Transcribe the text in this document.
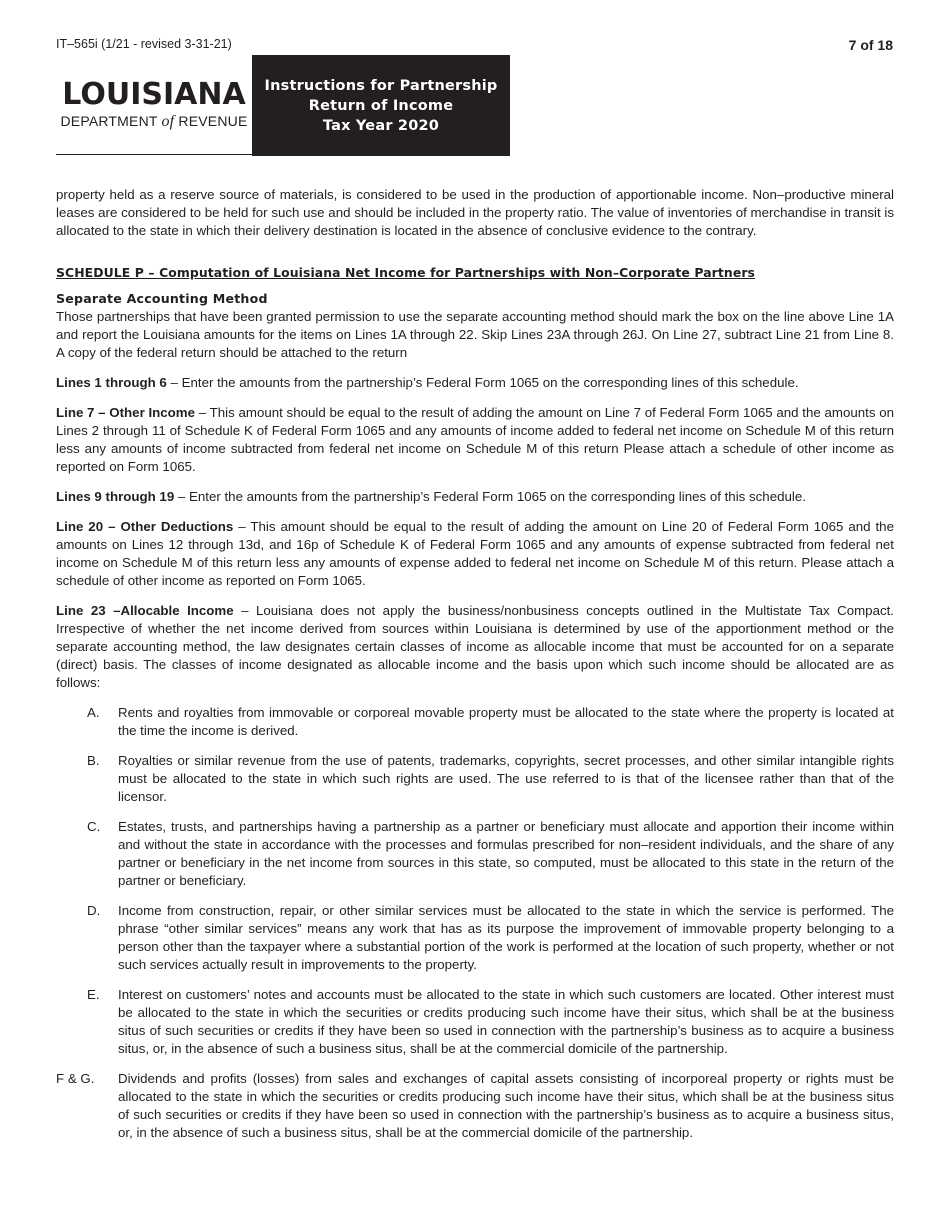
IT–565i (1/21 - revised 3-31-21)	7 of 18
LOUISIANA
DEPARTMENT of REVENUE
Instructions for Partnership
Return of Income
Tax Year 2020

property held as a reserve source of materials, is considered to be used in the production of apportionable income. Non–productive mineral leases are considered to be held for such use and should be included in the property ratio. The value of inventories of merchandise in transit is allocated to the state in which their delivery destination is located in the absence of conclusive evidence to the contrary.

SCHEDULE P – Computation of Louisiana Net Income for Partnerships with Non–Corporate Partners
Separate Accounting Method

Those partnerships that have been granted permission to use the separate accounting method should mark the box on the line above Line 1A and report the Louisiana amounts for the items on Lines 1A through 22. Skip Lines 23A through 26J. On Line 27, subtract Line 21 from Line 8. A copy of the federal return should be attached to the return

Lines 1 through 6 – Enter the amounts from the partnership’s Federal Form 1065 on the corresponding lines of this schedule.

Line 7 – Other Income – This amount should be equal to the result of adding the amount on Line 7 of Federal Form 1065 and the amounts on Lines 2 through 11 of Schedule K of Federal Form 1065 and any amounts of income added to federal net income on Schedule M of this return less any amounts of income subtracted from federal net income on Schedule M of this return Please attach a schedule of other income as reported on Form 1065.

Lines 9 through 19 – Enter the amounts from the partnership’s Federal Form 1065 on the corresponding lines of this schedule.

Line 20 – Other Deductions – This amount should be equal to the result of adding the amount on Line 20 of Federal Form 1065 and the amounts on Lines 12 through 13d, and 16p of Schedule K of Federal Form 1065 and any amounts of expense subtracted from federal net income on Schedule M of this return less any amounts of expense added to federal net income on Schedule M of this return. Please attach a schedule of other income as reported on Form 1065.

Line 23 –Allocable Income – Louisiana does not apply the business/nonbusiness concepts outlined in the Multistate Tax Compact. Irrespective of whether the net income derived from sources within Louisiana is determined by use of the apportionment method or the separate accounting method, the law designates certain classes of income as allocable income that must be accounted for on a separate (direct) basis. The classes of income designated as allocable income and the basis upon which such income should be allocated are as follows:

A.	Rents and royalties from immovable or corporeal movable property must be allocated to the state where the property is located at the time the income is derived.
B.	Royalties or similar revenue from the use of patents, trademarks, copyrights, secret processes, and other similar intangible rights must be allocated to the state in which such rights are used. The use referred to is that of the licensee rather than that of the licensor.
C.	Estates, trusts, and partnerships having a partnership as a partner or beneficiary must allocate and apportion their income within and without the state in accordance with the processes and formulas prescribed for non–resident individuals, and the share of any partner or beneficiary in the net income from sources in this state, so computed, must be allocated to this state in the return of the partner or beneficiary.
D.	Income from construction, repair, or other similar services must be allocated to the state in which the service is performed. The phrase “other similar services” means any work that has as its purpose the improvement of immovable property belonging to a person other than the taxpayer where a substantial portion of the work is performed at the location of such property, whether or not such services actually result in improvements to the property.
E.	Interest on customers’ notes and accounts must be allocated to the state in which such customers are located. Other interest must be allocated to the state in which the securities or credits producing such income have their situs, which shall be at the business situs of such securities or credits if they have been so used in connection with the partnership’s business as to acquire a business situs, or, in the absence of such a business situs, shall be at the commercial domicile of the partnership.
F & G.	Dividends and profits (losses) from sales and exchanges of capital assets consisting of incorporeal property or rights must be allocated to the state in which the securities or credits producing such income have their situs, which shall be at the business situs of such securities or credits if they have been so used in connection with the partnership’s business as to acquire a business situs, or, in the absence of such a business situs, shall be at the commercial domicile of the partnership.
